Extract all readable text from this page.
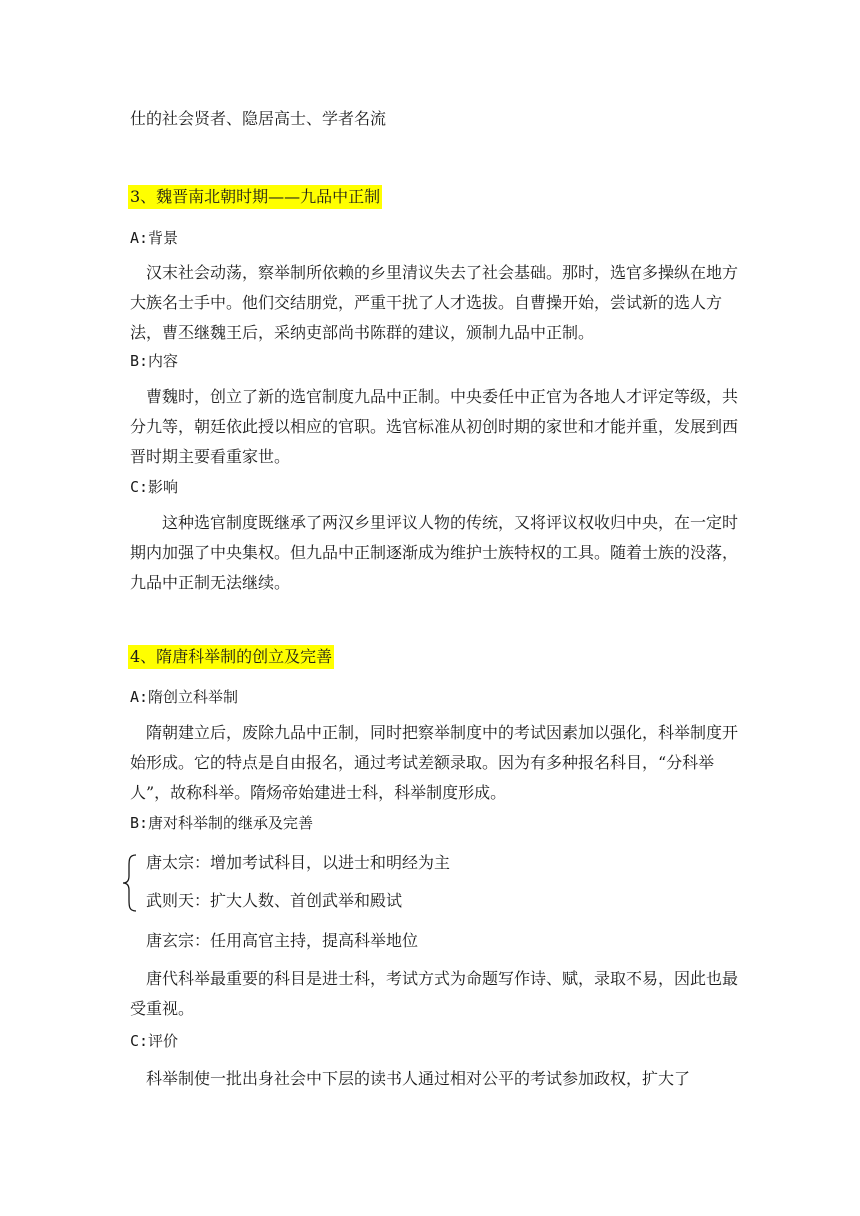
仕的社会贤者、隐居高士、学者名流
3、魏晋南北朝时期——九品中正制
A:背景
汉末社会动荡，察举制所依赖的乡里清议失去了社会基础。那时，选官多操纵在地方大族名士手中。他们交结朋党，严重干扰了人才选拔。自曹操开始，尝试新的选人方法，曹丕继魏王后，采纳吏部尚书陈群的建议，颁制九品中正制。
B:内容
曹魏时，创立了新的选官制度九品中正制。中央委任中正官为各地人才评定等级，共分九等，朝廷依此授以相应的官职。选官标准从初创时期的家世和才能并重，发展到西晋时期主要看重家世。
C:影响
这种选官制度既继承了两汉乡里评议人物的传统，又将评议权收归中央，在一定时期内加强了中央集权。但九品中正制逐渐成为维护士族特权的工具。随着士族的没落，九品中正制无法继续。
4、隋唐科举制的创立及完善
A:隋创立科举制
隋朝建立后，废除九品中正制，同时把察举制度中的考试因素加以强化，科举制度开始形成。它的特点是自由报名，通过考试差额录取。因为有多种报名科目，“分科举人”，故称科举。隋炀帝始建进士科，科举制度形成。
B:唐对科举制的继承及完善
唐太宗：增加考试科目，以进士和明经为主
武则天：扩大人数、首创武举和殿试
唐玄宗：任用高官主持，提高科举地位
唐代科举最重要的科目是进士科，考试方式为命题写作诗、赋，录取不易，因此也最受重视。
C:评价
科举制使一批出身社会中下层的读书人通过相对公平的考试参加政权，扩大了
